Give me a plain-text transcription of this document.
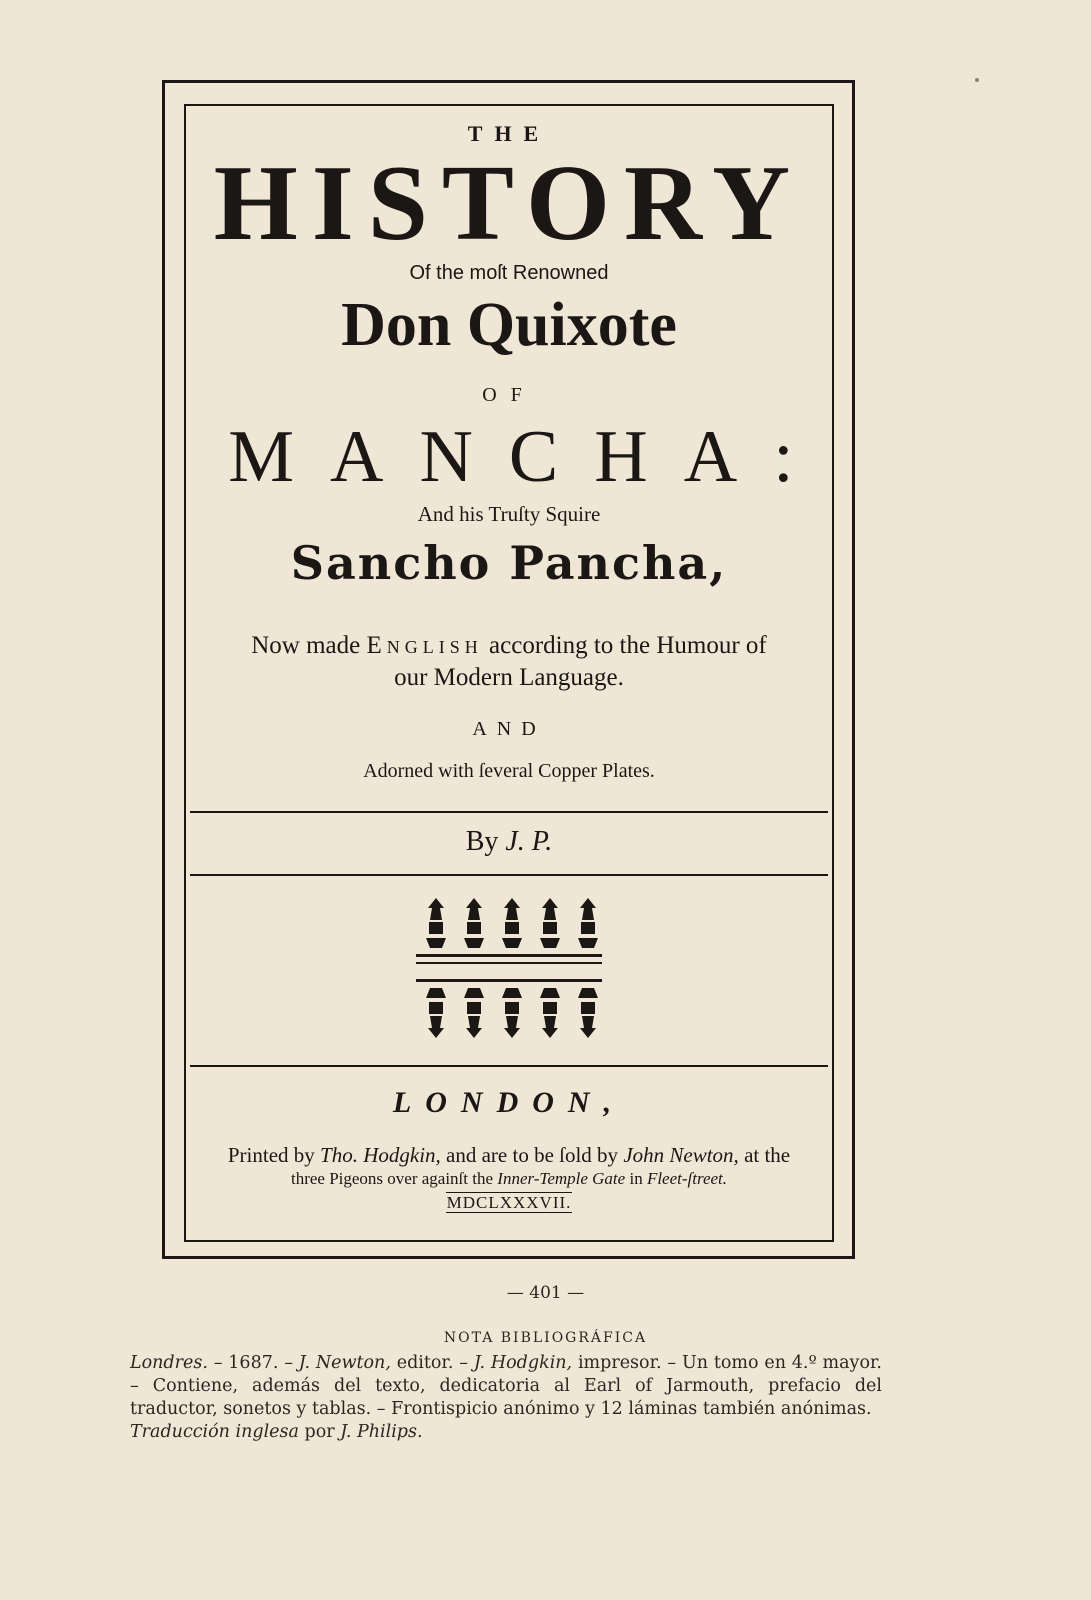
THE
HISTORY
Of the moſt Renowned
Don Quixote
OF
MANCHA:
And his Truſty Squire
Sancho Pancha,
Now made English according to the Humour of
our Modern Language.
AND
Adorned with ſeveral Copper Plates.
By J. P.
LONDON,
Printed by Tho. Hodgkin, and are to be ſold by John Newton, at the
three Pigeons over againſt the Inner-Temple Gate in Fleet-ſtreet.
MDCLXXXVII.
— 401 —
NOTA BIBLIOGRÁFICA

Londres. – 1687. – J. Newton, editor. – J. Hodgkin, impresor. – Un tomo en 4.º mayor. – Contiene, además del texto, dedicatoria al Earl of Jarmouth, prefacio del traductor, sonetos y tablas. – Frontispicio anónimo y 12 láminas también anónimas.

Traducción inglesa por J. Philips.
